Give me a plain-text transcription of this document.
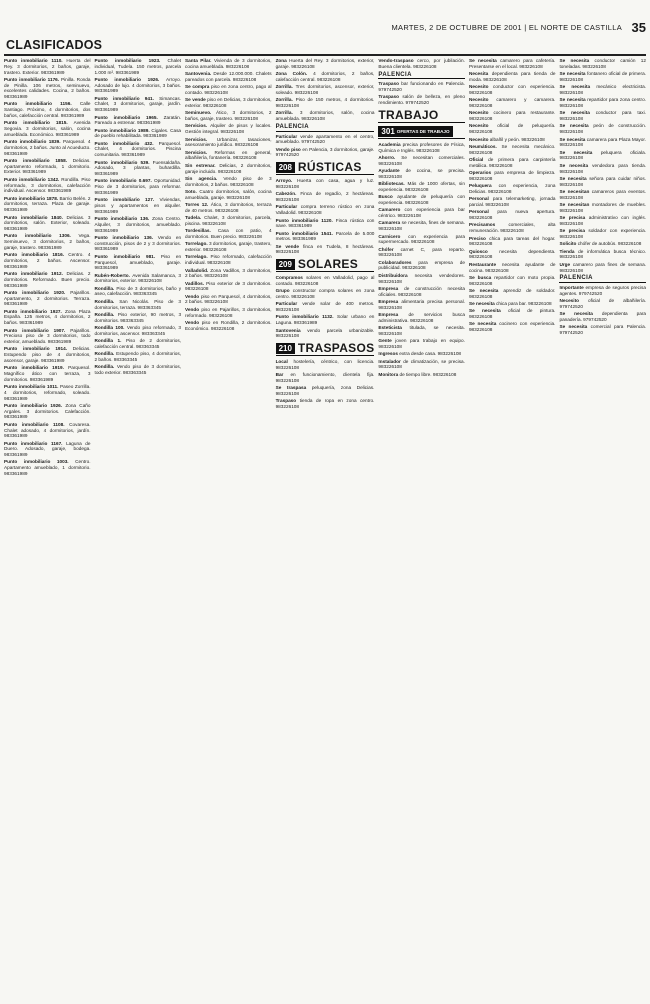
MARTES, 2 DE OCTUBRE DE 2001 | EL NORTE DE CASTILLA 35
CLASIFICADOS

Punto inmobiliario 1110. Huerta del Rey. 3 dormitorios, 2 baños, garaje, trastero. Exterior. 983361989

Punto inmobiliario 1176. Pinilla. Ronda de Pinilla. 106 metros, seminuevo, excelentes calidades. Cocina, 2 baños. 983361989

Punto inmobiliario 1156. Calle Santiago. Próximo, 4 dormitorios, dos baños, calefacción central. 983361989

Punto inmobiliario 1815. Avenida Segovia. 3 dormitorios, salón, cocina amueblada. Económico. 983361989

Punto inmobiliario 1839. Parquesol. 4 dormitorios, 2 baños. Junto al Acueducto. 983361989

Punto inmobiliario 1858. Delicias. Apartamento reformado, 1 dormitorio. Exterior. 983361989

Punto inmobiliario 1342. Rondilla. Piso reformado, 3 dormitorios, calefacción individual. Ascensor. 983361989

Punto inmobiliario 1878. Barrio Belén. 2 dormitorios, terraza. Plaza de garaje. 983361989

Punto inmobiliario 1840. Delicias. 3 dormitorios, salón. Exterior, soleado. 983361989

Punto inmobiliario 1306. Vega. Seminuevo, 3 dormitorios, 2 baños, garaje, trastero. 983361989

Punto inmobiliario 1816. Centro. 4 dormitorios, 2 baños. Ascensor. 983361989

Punto inmobiliario 1912. Delicias. 2 dormitorios. Reformado. Buen precio. 983361989

Punto inmobiliario 1920. Pajarillos. Apartamento, 2 dormitorios. Terraza. 983361989

Punto inmobiliario 1927. Zona Plaza España. 125 metros, 4 dormitorios, 2 baños. 983361989

Punto inmobiliario 1907. Pajarillos. Precioso piso de 3 dormitorios, todo exterior, amueblado. 983361989

Punto inmobiliario 1914. Delicias. Estupendo piso de 4 dormitorios, ascensor, garaje. 983361989

Punto inmobiliario 1919. Parquesol. Magnífico ático con terraza, 3 dormitorios. 983361989

Punto inmobiliario 1011. Paseo Zorrilla. 4 dormitorios, reformado, soleado. 983361989

Punto inmobiliario 1926. Zona Caño Argales. 3 dormitorios. Calefacción. 983361989

Punto inmobiliario 1108. Covaresa. Chalet adosado, 4 dormitorios, jardín. 983361989

Punto inmobiliario 1167. Laguna de Duero. Adosado, garaje, bodega. 983361989

Punto inmobiliario 1003. Centro. Apartamento amueblado, 1 dormitorio. 983361989

Punto inmobiliario 1923. Chalet individual, Tudela. 150 metros, parcela 1.000 m². 983361989

Punto inmobiliario 1926. Arroyo. Adosado de lujo. 4 dormitorios, 3 baños. 983361989

Punto inmobiliario 941. Simancas. Chalet, 3 dormitorios, garaje, jardín. 983361989

Punto inmobiliario 1965. Zaratán. Pareado a estrenar. 983361989

Punto inmobiliario 1989. Cigales. Casa de pueblo rehabilitada. 983361989

Punto inmobiliario 432. Parquesol. Chalet, 4 dormitorios. Piscina comunitaria. 983361989

Punto inmobiliario 539. Fuensaldaña. Adosado, 3 plantas, buhardilla. 983361989

Punto inmobiliario 0.697. Oportunidad. Piso de 3 dormitorios, para reformar. 983361989

Punto inmobiliario 127. Viviendas, pisos y apartamentos en alquiler. 983361989

Punto inmobiliario 136. Zona Centro. Alquiler, 3 dormitorios, amueblado. 983361989

Punto inmobiliario 136. Vendo en construcción, pisos de 2 y 3 dormitorios. 983361989

Punto inmobiliario 981. Piso en Parquesol, amueblado, garaje. 983361989

Rubén-Roberto. Avenida Salamanca, 3 dormitorios, exterior. 983226108

Rondilla. Piso de 3 dormitorios, baño y aseo, calefacción. 983363345

Rondilla. San Nicolás. Piso de 3 dormitorios, terraza. 983363345

Rondilla. Piso exterior, 90 metros, 3 dormitorios. 983363345

Rondilla 100. Vendo piso reformado, 3 dormitorios, ascensor. 983363345

Rondilla 1. Piso de 2 dormitorios, calefacción central. 983363345

Rondilla. Estupendo piso, 4 dormitorios, 2 baños. 983363345

Rondilla. Vendo piso de 3 dormitorios, todo exterior. 983363345

Santa Pilar. Vivienda de 3 dormitorios, cocina amueblada. 983226108

Santovenia. Desde 12.000.000. Chalets pareados con parcela. 983226108

Se compra piso en zona centro, pago al contado. 983226108

Se vende piso en Delicias, 3 dormitorios, exterior. 983226108

Seminuevo. Ático, 3 dormitorios, 2 baños, garaje, trastero. 983226108

Servicios. Alquiler de pisos y locales. Gestión integral. 983226108

Servicios. Urbanizar, tasaciones, asesoramiento jurídico. 983226108

Servicios. Reformas en general, albañilería, fontanería. 983226108

Sin estrenar. Delicias, 2 dormitorios, garaje incluido. 983226108

Sin agencia. Vendo piso de 3 dormitorios, 2 baños. 983226108

Soto. Cuatro dormitorios, salón, cocina amueblada, garaje. 983226108

Torres 12. Ático, 3 dormitorios, terraza de 40 metros. 983226108

Tudela. Chalet, 3 dormitorios, parcela, piscina. 983226108

Tordesillas. Casa con patio, 4 dormitorios. Buen precio. 983226108

Torrelago. 3 dormitorios, garaje, trastero, exterior. 983226108

Torrelago. Piso reformado, calefacción individual. 983226108

Valladolid. Zona Vadillos, 3 dormitorios, 2 baños. 983226108

Vadillos. Piso exterior de 3 dormitorios. 983226108

Vendo piso en Parquesol, 4 dormitorios, 2 baños. 983226108

Vendo piso en Pajarillos, 3 dormitorios, reformado. 983226108

Vendo piso en Rondilla, 2 dormitorios. Económico. 983226108

Zona Huerta del Rey. 3 dormitorios, exterior, garaje. 983226108

Zona Colón. 4 dormitorios, 2 baños, calefacción central. 983226108

Zorrilla. Tres dormitorios, ascensor, exterior, soleado. 983226108

Zorrilla. Piso de 150 metros, 4 dormitorios. 983226108

Zorrilla. 3 dormitorios, salón, cocina amueblada. 983226108

PALENCIA

Particular vende apartamento en el centro, amueblado. 979742520

Vendo piso en Palencia, 3 dormitorios, garaje. 979742520

208 RÚSTICAS

Arroyo. Huerta con casa, agua y luz. 983226108

Cabezón. Finca de regadío, 2 hectáreas. 983226108

Particular compra terreno rústico en zona Valladolid. 983226108

Punto inmobiliario 1120. Finca rústica con nave. 983361989

Punto inmobiliario 1541. Parcela de 5.000 metros. 983361989

Se vende finca en Tudela, 8 hectáreas. 983226108

209 SOLARES

Compramos solares en Valladolid, pago al contado. 983226108

Grupo constructor compra solares en zona centro. 983226108

Particular vende solar de 400 metros. 983226108

Punto inmobiliario 1132. Solar urbano en Laguna. 983361989

Santovenia vendo parcela urbanizable. 983226108

210 TRASPASOS

Local hostelería, céntrico, con licencia. 983226108

Bar en funcionamiento, clientela fija. 983226108

Se traspasa peluquería, zona Delicias. 983226108

Traspaso tienda de ropa en zona centro. 983226108

Vendo-traspaso cerco, por jubilación. Buena clientela. 983226108

PALENCIA

Traspaso bar funcionando en Palencia. 979742520

Traspaso salón de belleza, en pleno rendimiento. 979742520

TRABAJO
301 OFERTAS DE TRABAJO

Academia precisa profesores de Física, Química e Inglés. 983226108

Ahorro. Se necesitan comerciales. 983226108

Ayudante de cocina, se precisa. 983226108

Bibliotecas. Más de 1000 ofertas, sin experiencia. 983226108

Busco ayudante de peluquería con experiencia. 983226108

Camarero con experiencia para bar céntrico. 983226108

Camarera se necesita, fines de semana. 983226108

Carnicero con experiencia para supermercado. 983226108

Chófer carnet C, para reparto. 983226108

Colaboradores para empresa de publicidad. 983226108

Distribuidora necesita vendedores. 983226108

Empresa de construcción necesita oficiales. 983226108

Empresa alimentaria precisa personal. 983226108

Empresa de servicios busca administrativa. 983226108

Esteticista titulada, se necesita. 983226108

Gente joven para trabajo en equipo. 983226108

Ingresos extra desde casa. 983226108

Instalador de climatización, se precisa. 983226108

Monitora de tiempo libre. 983226108

Se necesita camarero para cafetería. Presentarse en el local. 983226108

Necesita dependienta para tienda de moda. 983226108

Necesito conductor con experiencia. 983226108

Necesito camarero y camarera. 983226108

Necesito cocinero para restaurante. 983226108

Necesito oficial de peluquería. 983226108

Necesito albañil y peón. 983226108

Neumáticos. Se necesita mecánico. 983226108

Oficial de primera para carpintería metálica. 983226108

Operarios para empresa de limpieza. 983226108

Peluquera con experiencia, zona Delicias. 983226108

Personal para telemarketing, jornada parcial. 983226108

Personal para nueva apertura. 983226108

Precisamos comerciales, alta remuneración. 983226108

Preciso chica para tareas del hogar. 983226108

Quiosco necesita dependienta. 983226108

Restaurante necesita ayudante de cocina. 983226108

Se busca repartidor con moto propia. 983226108

Se necesita aprendiz de soldador. 983226108

Se necesita chica para bar. 983226108

Se necesita oficial de pintura. 983226108

Se necesita cocinero con experiencia. 983226108

Se necesita conductor camión 12 toneladas. 983226108

Se necesita fontanero oficial de primera. 983226108

Se necesita mecánico electricista. 983226108

Se necesita repartidor para zona centro. 983226108

Se necesita conductor para taxi. 983226108

Se necesita peón de construcción. 983226108

Se necesita camarera para Plaza Mayor. 983226108

Se necesita peluquera oficiala. 983226108

Se necesita vendedora para tienda. 983226108

Se necesita señora para cuidar niños. 983226108

Se necesitan camareros para eventos. 983226108

Se necesitan montadores de muebles. 983226108

Se precisa administrativo con inglés. 983226108

Se precisa soldador con experiencia. 983226108

Solicito chófer de autobús. 983226108

Tienda de informática busca técnico. 983226108

Urge camarero para fines de semana. 983226108

PALENCIA

Importante empresa de seguros precisa agentes. 979742520

Necesito oficial de albañilería. 979742520

Se necesita dependienta para panadería. 979742520

Se necesita comercial para Palencia. 979742520
